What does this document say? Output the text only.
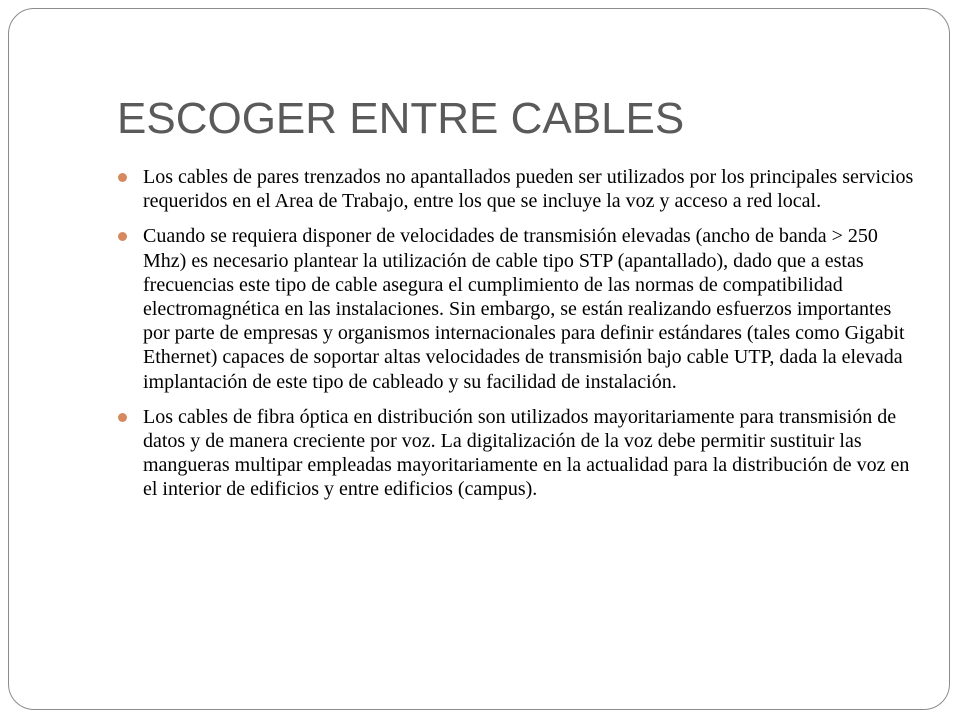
ESCOGER ENTRE CABLES
Los cables de pares trenzados no apantallados pueden ser utilizados por los principales servicios requeridos en el Area de Trabajo, entre los que se incluye la voz y acceso a red local.
Cuando se requiera disponer de velocidades de transmisión elevadas (ancho de banda > 250 Mhz) es necesario plantear la utilización de cable tipo STP (apantallado), dado que a estas frecuencias este tipo de cable asegura el cumplimiento de las normas de compatibilidad electromagnética en las instalaciones. Sin embargo, se están realizando esfuerzos importantes por parte de empresas y organismos internacionales para definir estándares (tales como Gigabit Ethernet) capaces de soportar altas velocidades de transmisión bajo cable UTP, dada la elevada implantación de este tipo de cableado y su facilidad de instalación.
Los cables de fibra óptica en distribución son utilizados mayoritariamente para transmisión de datos y de manera creciente por voz. La digitalización de la voz debe permitir sustituir las mangueras multipar empleadas mayoritariamente en la actualidad para la distribución de voz en el interior de edificios y entre edificios (campus).
